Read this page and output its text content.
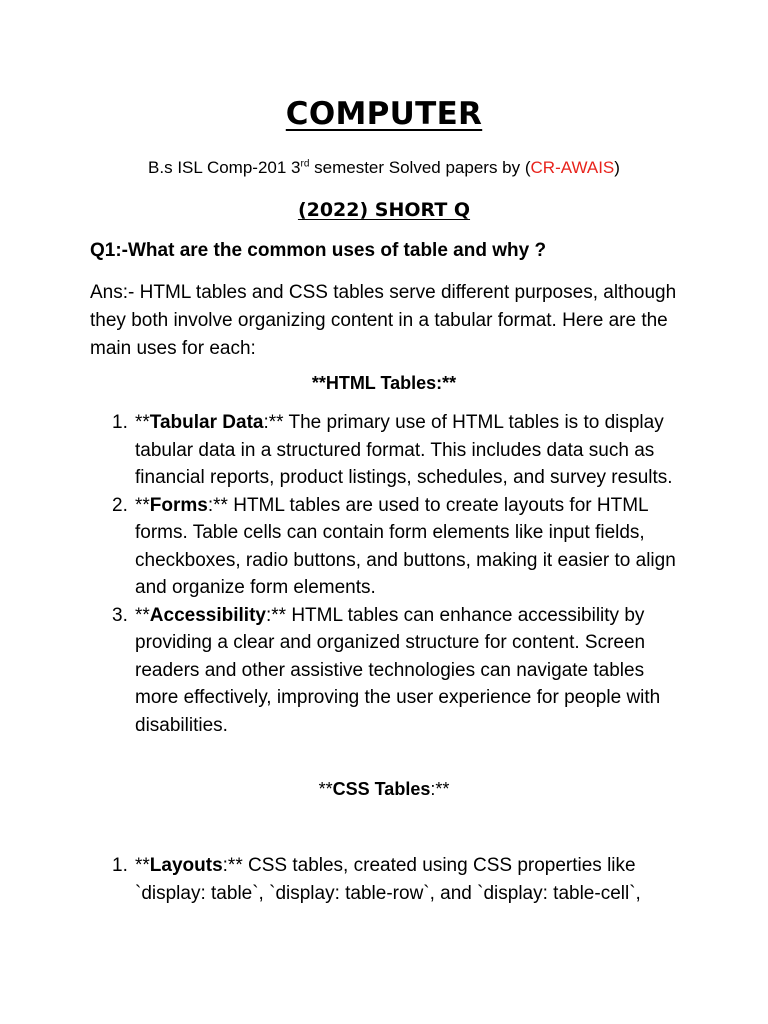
COMPUTER
B.s ISL Comp-201 3rd semester Solved papers by (CR-AWAIS)
(2022) SHORT Q
Q1:-What are the common uses of table and why ?
Ans:- HTML tables and CSS tables serve different purposes, although they both involve organizing content in a tabular format. Here are the main uses for each:
**HTML Tables:**
1. **Tabular Data:** The primary use of HTML tables is to display tabular data in a structured format. This includes data such as financial reports, product listings, schedules, and survey results.
2. **Forms:** HTML tables are used to create layouts for HTML forms. Table cells can contain form elements like input fields, checkboxes, radio buttons, and buttons, making it easier to align and organize form elements.
3. **Accessibility:** HTML tables can enhance accessibility by providing a clear and organized structure for content. Screen readers and other assistive technologies can navigate tables more effectively, improving the user experience for people with disabilities.
**CSS Tables:**
1. **Layouts:** CSS tables, created using CSS properties like `display: table`, `display: table-row`, and `display: table-cell`,
